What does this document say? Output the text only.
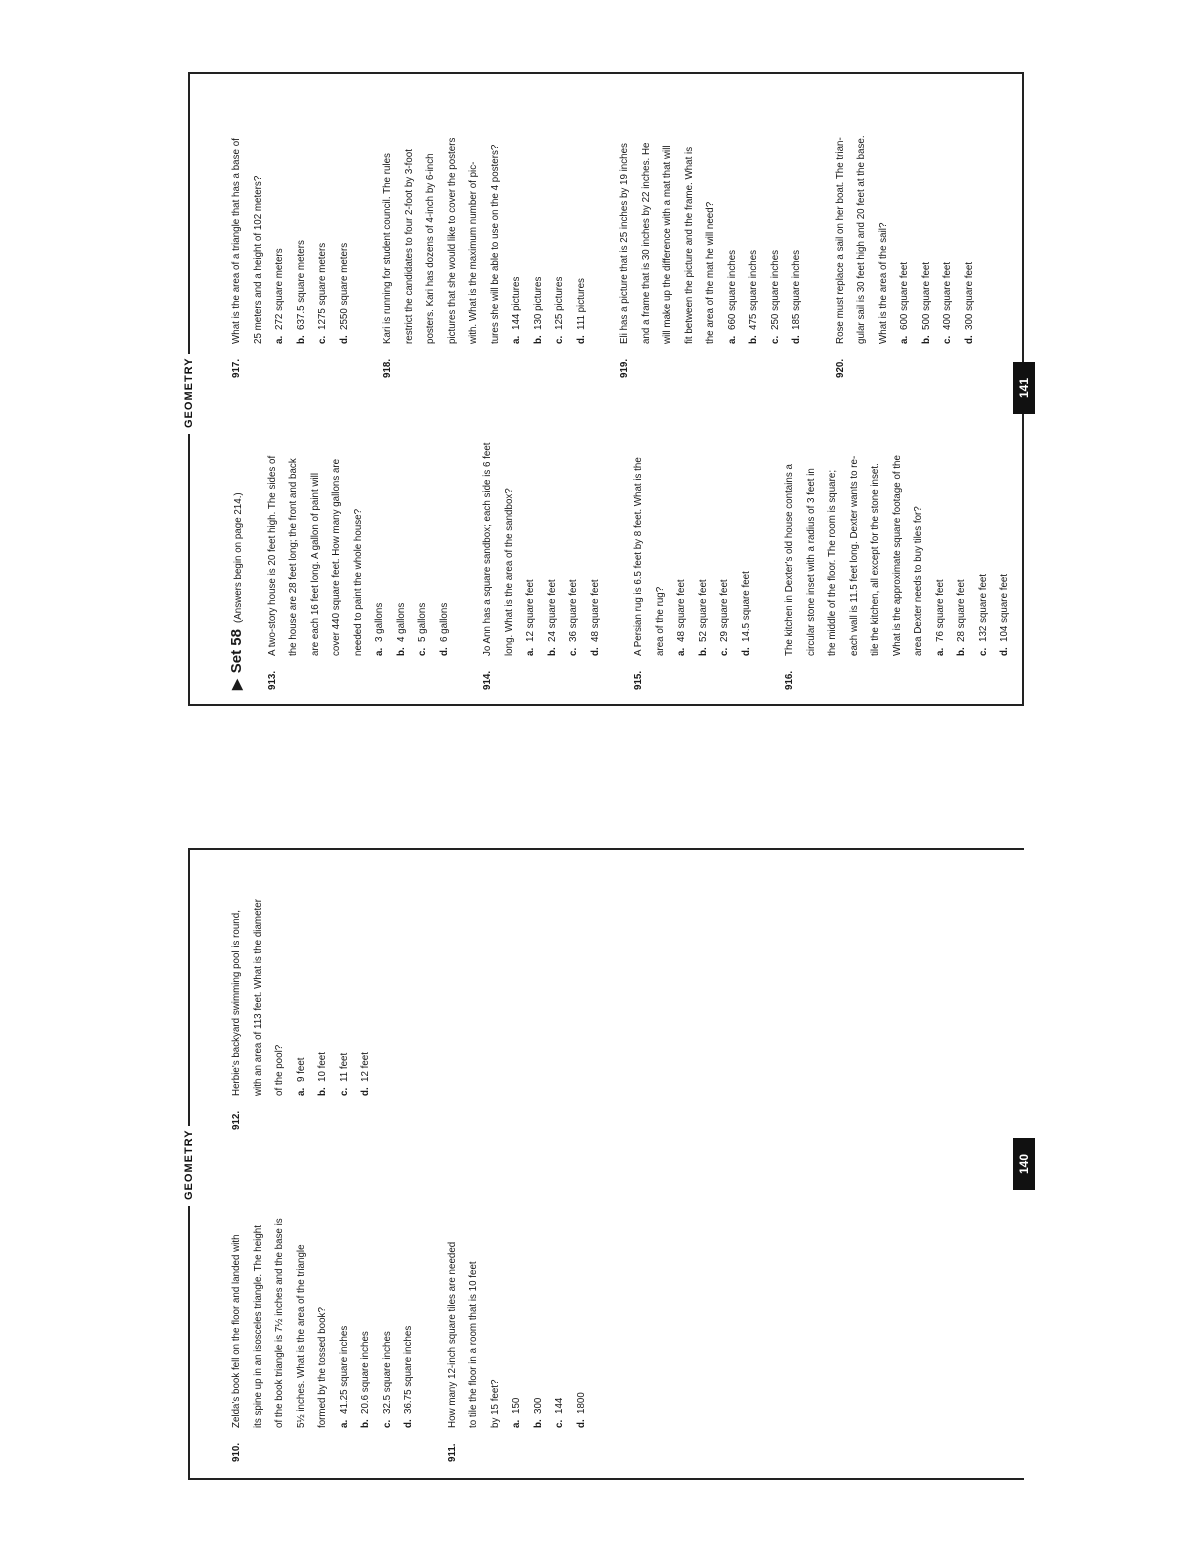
GEOMETRY	141
▶Set 58(Answers begin on page 214.)
913.
A two-story house is 20 feet high. The sides of	the house are 28 feet long; the front and back	are each 16 feet long. A gallon of paint will	cover 440 square feet. How many gallons are	needed to paint the whole house?	a.3 gallons
b.4 gallons
c.5 gallons
d.6 gallons
914.
Jo Ann has a square sandbox; each side is 6 feet	long. What is the area of the sandbox?	a.12 square feet
b.24 square feet
c.36 square feet
d.48 square feet
915.
A Persian rug is 6.5 feet by 8 feet. What is the	area of the rug?	a.48 square feet
b.52 square feet
c.29 square feet
d.14.5 square feet
916.
The kitchen in Dexter's old house contains a	circular stone inset with a radius of 3 feet in	the middle of the floor. The room is square;	each wall is 11.5 feet long. Dexter wants to re-	tile the kitchen, all except for the stone inset.	What is the approximate square footage of the	area Dexter needs to buy tiles for?	a.76 square feet
b.28 square feet
c.132 square feet
d.104 square feet
917.
What is the area of a triangle that has a base of	25 meters and a height of 102 meters?	a.272 square meters
b.637.5 square meters
c.1275 square meters
d.2550 square meters
918.
Kari is running for student council. The rules	restrict the candidates to four 2-foot by 3-foot	posters. Kari has dozens of 4-inch by 6-inch	pictures that she would like to cover the posters	with. What is the maximum number of pic-	tures she will be able to use on the 4 posters?	a.144 pictures
b.130 pictures
c.125 pictures
d.111 pictures
919.
Eli has a picture that is 25 inches by 19 inches	and a frame that is 30 inches by 22 inches. He	will make up the difference with a mat that will	fit between the picture and the frame. What is	the area of the mat he will need?	a.660 square inches
b.475 square inches
c.250 square inches
d.185 square inches
920.
Rose must replace a sail on her boat. The trian-	gular sail is 30 feet high and 20 feet at the base.	What is the area of the sail?	a.600 square feet
b.500 square feet
c.400 square feet
d.300 square feet
GEOMETRY	140
910.
Zelda's book fell on the floor and landed with	its spine up in an isosceles triangle. The height	of the book triangle is 7½ inches and the base is	5½ inches. What is the area of the triangle	formed by the tossed book?	a.41.25 square inches
b.20.6 square inches
c.32.5 square inches
d.36.75 square inches
911.
How many 12-inch square tiles are needed	to tile the floor in a room that is 10 feet	by 15 feet?	a.150
b.300
c.144
d.1800
912.
Herbie's backyard swimming pool is round,	with an area of 113 feet. What is the diameter	of the pool?	a.9 feet
b.10 feet
c.11 feet
d.12 feet
